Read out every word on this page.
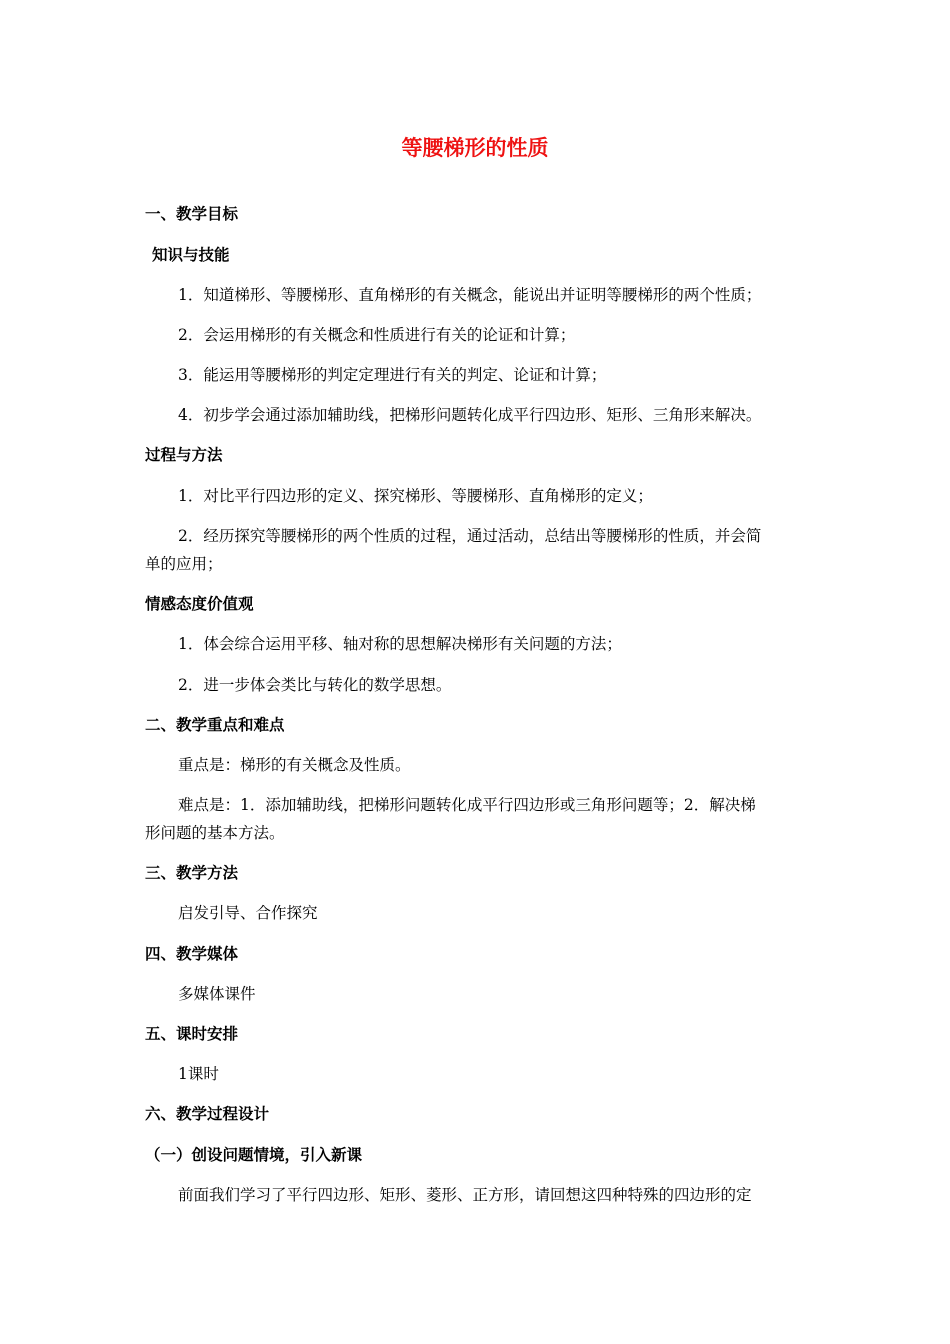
等腰梯形的性质
一、教学目标
知识与技能
1．知道梯形、等腰梯形、直角梯形的有关概念，能说出并证明等腰梯形的两个性质；
2．会运用梯形的有关概念和性质进行有关的论证和计算；
3．能运用等腰梯形的判定定理进行有关的判定、论证和计算；
4．初步学会通过添加辅助线，把梯形问题转化成平行四边形、矩形、三角形来解决。
过程与方法
1．对比平行四边形的定义、探究梯形、等腰梯形、直角梯形的定义；
2．经历探究等腰梯形的两个性质的过程，通过活动，总结出等腰梯形的性质，并会简
单的应用；
情感态度价值观
1．体会综合运用平移、轴对称的思想解决梯形有关问题的方法；
2．进一步体会类比与转化的数学思想。
二、教学重点和难点
重点是：梯形的有关概念及性质。
难点是：1．添加辅助线，把梯形问题转化成平行四边形或三角形问题等；2．解决梯
形问题的基本方法。
三、教学方法
启发引导、合作探究
四、教学媒体
多媒体课件
五、课时安排
1课时
六、教学过程设计
（一）创设问题情境，引入新课
前面我们学习了平行四边形、矩形、菱形、正方形，请回想这四种特殊的四边形的定
